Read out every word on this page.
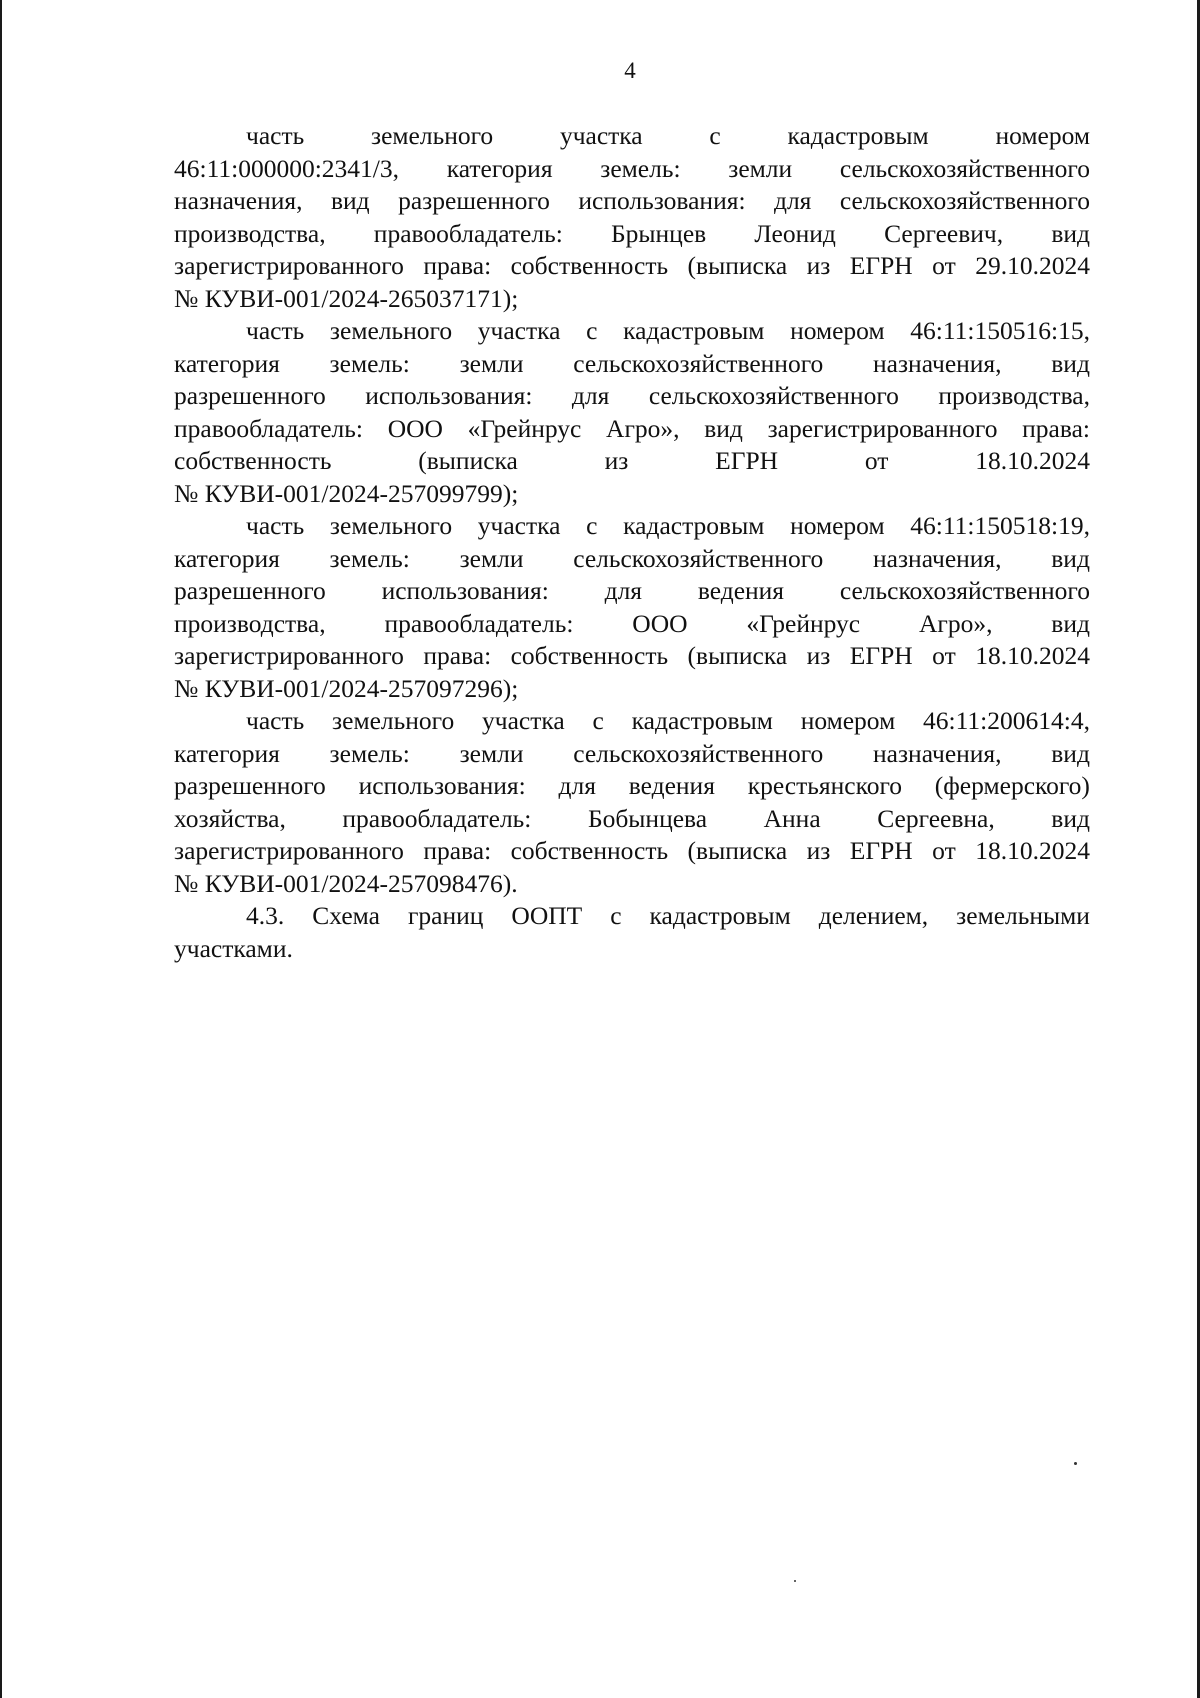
4
часть	земельного	участка	с	кадастровым	номером
46:11:000000:2341/3, категория земель: земли сельскохозяйственного
назначения, вид разрешенного использования: для сельскохозяйственного
производства, правообладатель: Брынцев Леонид Сергеевич, вид
зарегистрированного права: собственность (выписка из ЕГРН от 29.10.2024
№ КУВИ-001/2024-265037171);
часть земельного участка с кадастровым номером 46:11:150516:15,
категория земель: земли сельскохозяйственного назначения, вид
разрешенного использования: для сельскохозяйственного производства,
правообладатель: ООО «Грейнрус Агро», вид зарегистрированного права:
собственность	(выписка	из	ЕГРН	от	18.10.2024
№ КУВИ-001/2024-257099799);
часть земельного участка с кадастровым номером 46:11:150518:19,
категория земель: земли сельскохозяйственного назначения, вид
разрешенного использования: для ведения сельскохозяйственного
производства, правообладатель: ООО «Грейнрус Агро», вид
зарегистрированного права: собственность (выписка из ЕГРН от 18.10.2024
№ КУВИ-001/2024-257097296);
часть земельного участка с кадастровым номером 46:11:200614:4,
категория земель: земли сельскохозяйственного назначения, вид
разрешенного использования: для ведения крестьянского (фермерского)
хозяйства, правообладатель: Бобынцева Анна Сергеевна, вид
зарегистрированного права: собственность (выписка из ЕГРН от 18.10.2024
№ КУВИ-001/2024-257098476).
4.3. Схема границ ООПТ с кадастровым делением, земельными
участками.
